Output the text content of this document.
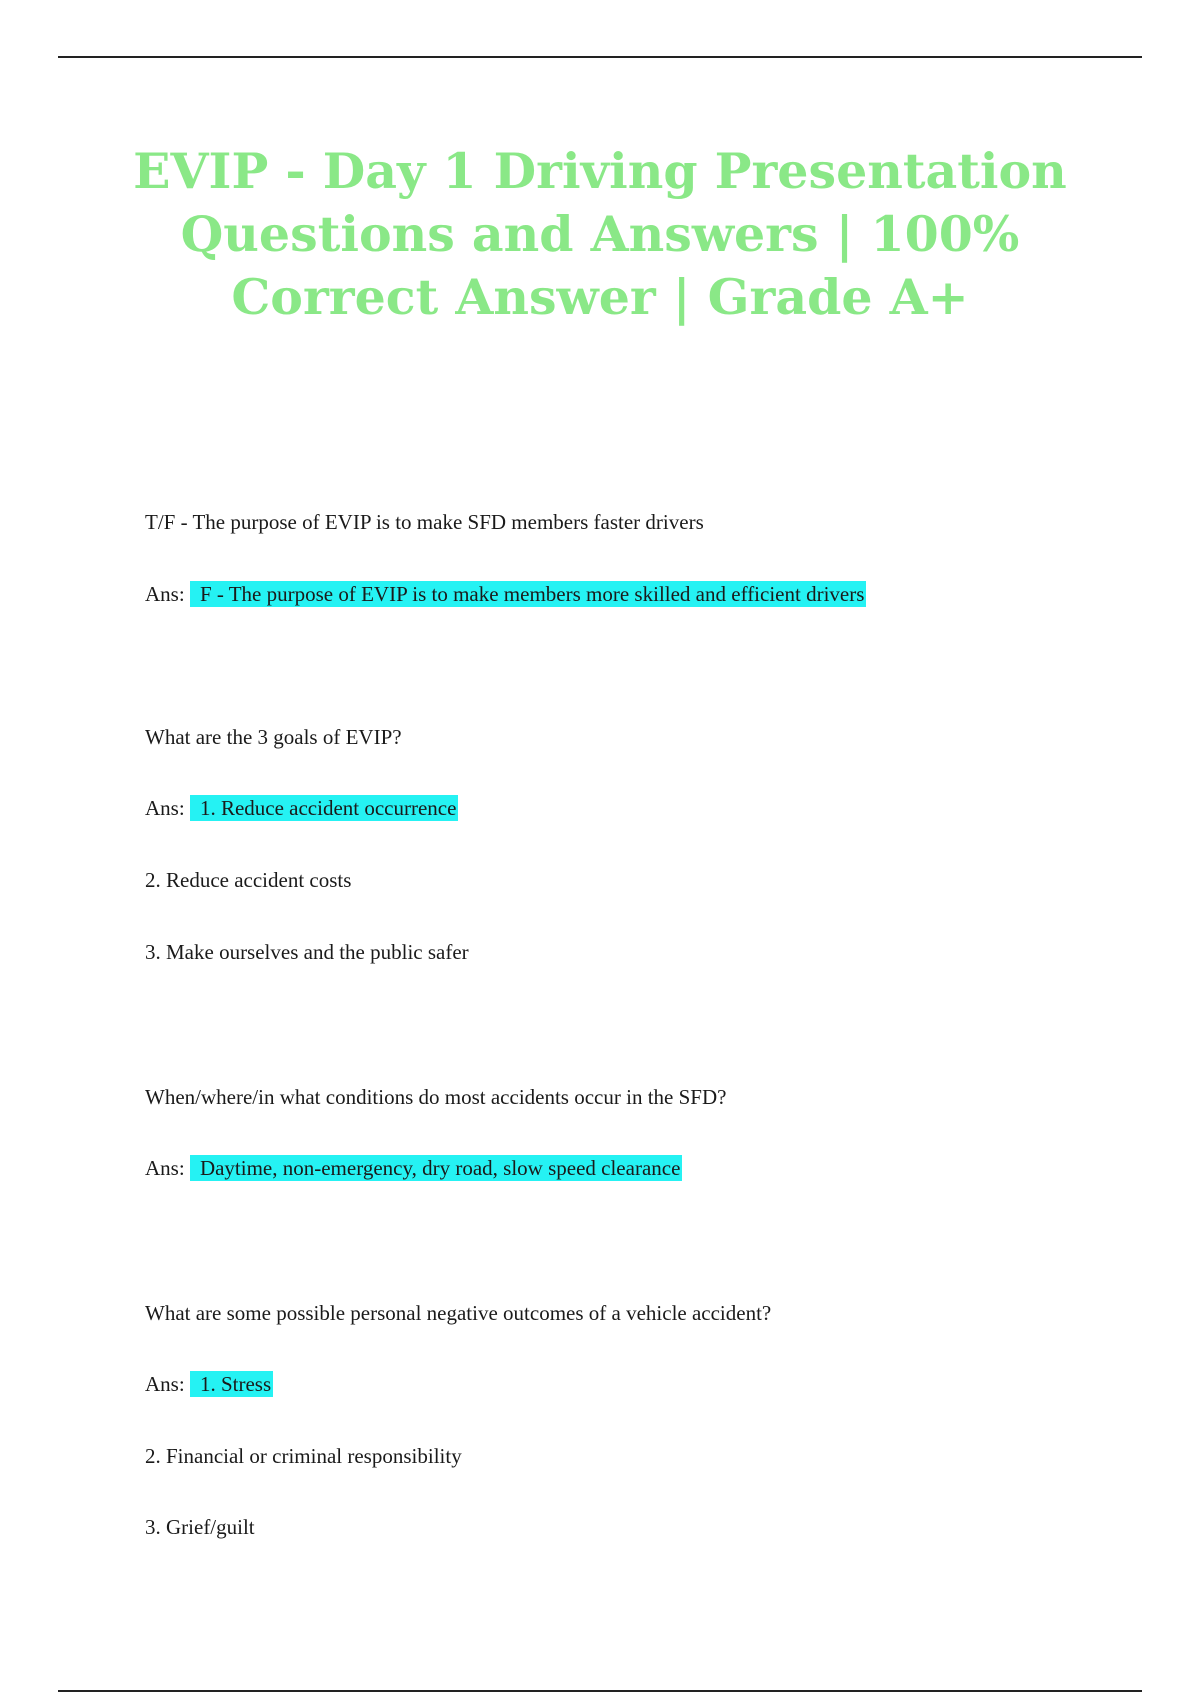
EVIP - Day 1 Driving Presentation Questions and Answers | 100% Correct Answer | Grade A+
T/F - The purpose of EVIP is to make SFD members faster drivers
Ans: F - The purpose of EVIP is to make members more skilled and efficient drivers
What are the 3 goals of EVIP?
Ans: 1. Reduce accident occurrence
2. Reduce accident costs
3. Make ourselves and the public safer
When/where/in what conditions do most accidents occur in the SFD?
Ans: Daytime, non-emergency, dry road, slow speed clearance
What are some possible personal negative outcomes of a vehicle accident?
Ans: 1. Stress
2. Financial or criminal responsibility
3. Grief/guilt
